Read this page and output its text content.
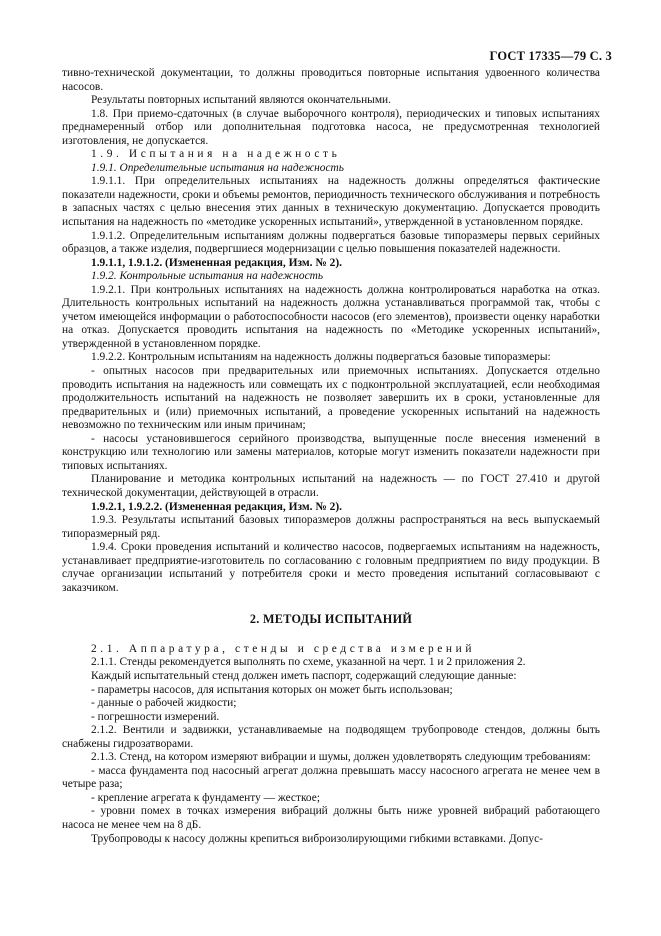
ГОСТ 17335—79 С. 3

тивно-технической документации, то должны проводиться повторные испытания удвоенного количества насосов.

Результаты повторных испытаний являются окончательными.

1.8. При приемо-сдаточных (в случае выборочного контроля), периодических и типовых испытаниях преднамеренный отбор или дополнительная подготовка насоса, не предусмотренная технологией изготовления, не допускается.

1.9. Испытания на надежность

1.9.1. Определительные испытания на надежность

1.9.1.1. При определительных испытаниях на надежность должны определяться фактические показатели надежности, сроки и объемы ремонтов, периодичность технического обслуживания и потребность в запасных частях с целью внесения этих данных в техническую документацию. Допускается проводить испытания на надежность по «методике ускоренных испытаний», утвержденной в установленном порядке.

1.9.1.2. Определительным испытаниям должны подвергаться базовые типоразмеры первых серийных образцов, а также изделия, подвергшиеся модернизации с целью повышения показателей надежности.

1.9.1.1, 1.9.1.2. (Измененная редакция, Изм. № 2).

1.9.2. Контрольные испытания на надежность

1.9.2.1. При контрольных испытаниях на надежность должна контролироваться наработка на отказ. Длительность контрольных испытаний на надежность должна устанавливаться программой так, чтобы с учетом имеющейся информации о работоспособности насосов (его элементов), произвести оценку наработки на отказ. Допускается проводить испытания на надежность по «Методике ускоренных испытаний», утвержденной в установленном порядке.

1.9.2.2. Контрольным испытаниям на надежность должны подвергаться базовые типоразмеры:

- опытных насосов при предварительных или приемочных испытаниях. Допускается отдельно проводить испытания на надежность или совмещать их с подконтрольной эксплуатацией, если необходимая продолжительность испытаний на надежность не позволяет завершить их в сроки, установленные для предварительных и (или) приемочных испытаний, а проведение ускоренных испытаний на надежность невозможно по техническим или иным причинам;

- насосы установившегося серийного производства, выпущенные после внесения изменений в конструкцию или технологию или замены материалов, которые могут изменить показатели надежности при типовых испытаниях.

Планирование и методика контрольных испытаний на надежность — по ГОСТ 27.410 и другой технической документации, действующей в отрасли.

1.9.2.1, 1.9.2.2. (Измененная редакция, Изм. № 2).

1.9.3. Результаты испытаний базовых типоразмеров должны распространяться на весь выпускаемый типоразмерный ряд.

1.9.4. Сроки проведения испытаний и количество насосов, подвергаемых испытаниям на надежность, устанавливает предприятие-изготовитель по согласованию с головным предприятием по виду продукции. В случае организации испытаний у потребителя сроки и место проведения испытаний согласовывают с заказчиком.

2. МЕТОДЫ ИСПЫТАНИЙ

2.1. Аппаратура, стенды и средства измерений

2.1.1. Стенды рекомендуется выполнять по схеме, указанной на черт. 1 и 2 приложения 2.

Каждый испытательный стенд должен иметь паспорт, содержащий следующие данные:

- параметры насосов, для испытания которых он может быть использован;

- данные о рабочей жидкости;

- погрешности измерений.

2.1.2. Вентили и задвижки, устанавливаемые на подводящем трубопроводе стендов, должны быть снабжены гидрозатворами.

2.1.3. Стенд, на котором измеряют вибрации и шумы, должен удовлетворять следующим требованиям:

- масса фундамента под насосный агрегат должна превышать массу насосного агрегата не менее чем в четыре раза;

- крепление агрегата к фундаменту — жесткое;

- уровни помех в точках измерения вибраций должны быть ниже уровней вибраций работающего насоса не менее чем на 8 дБ.

Трубопроводы к насосу должны крепиться виброизолирующими гибкими вставками. Допус-
